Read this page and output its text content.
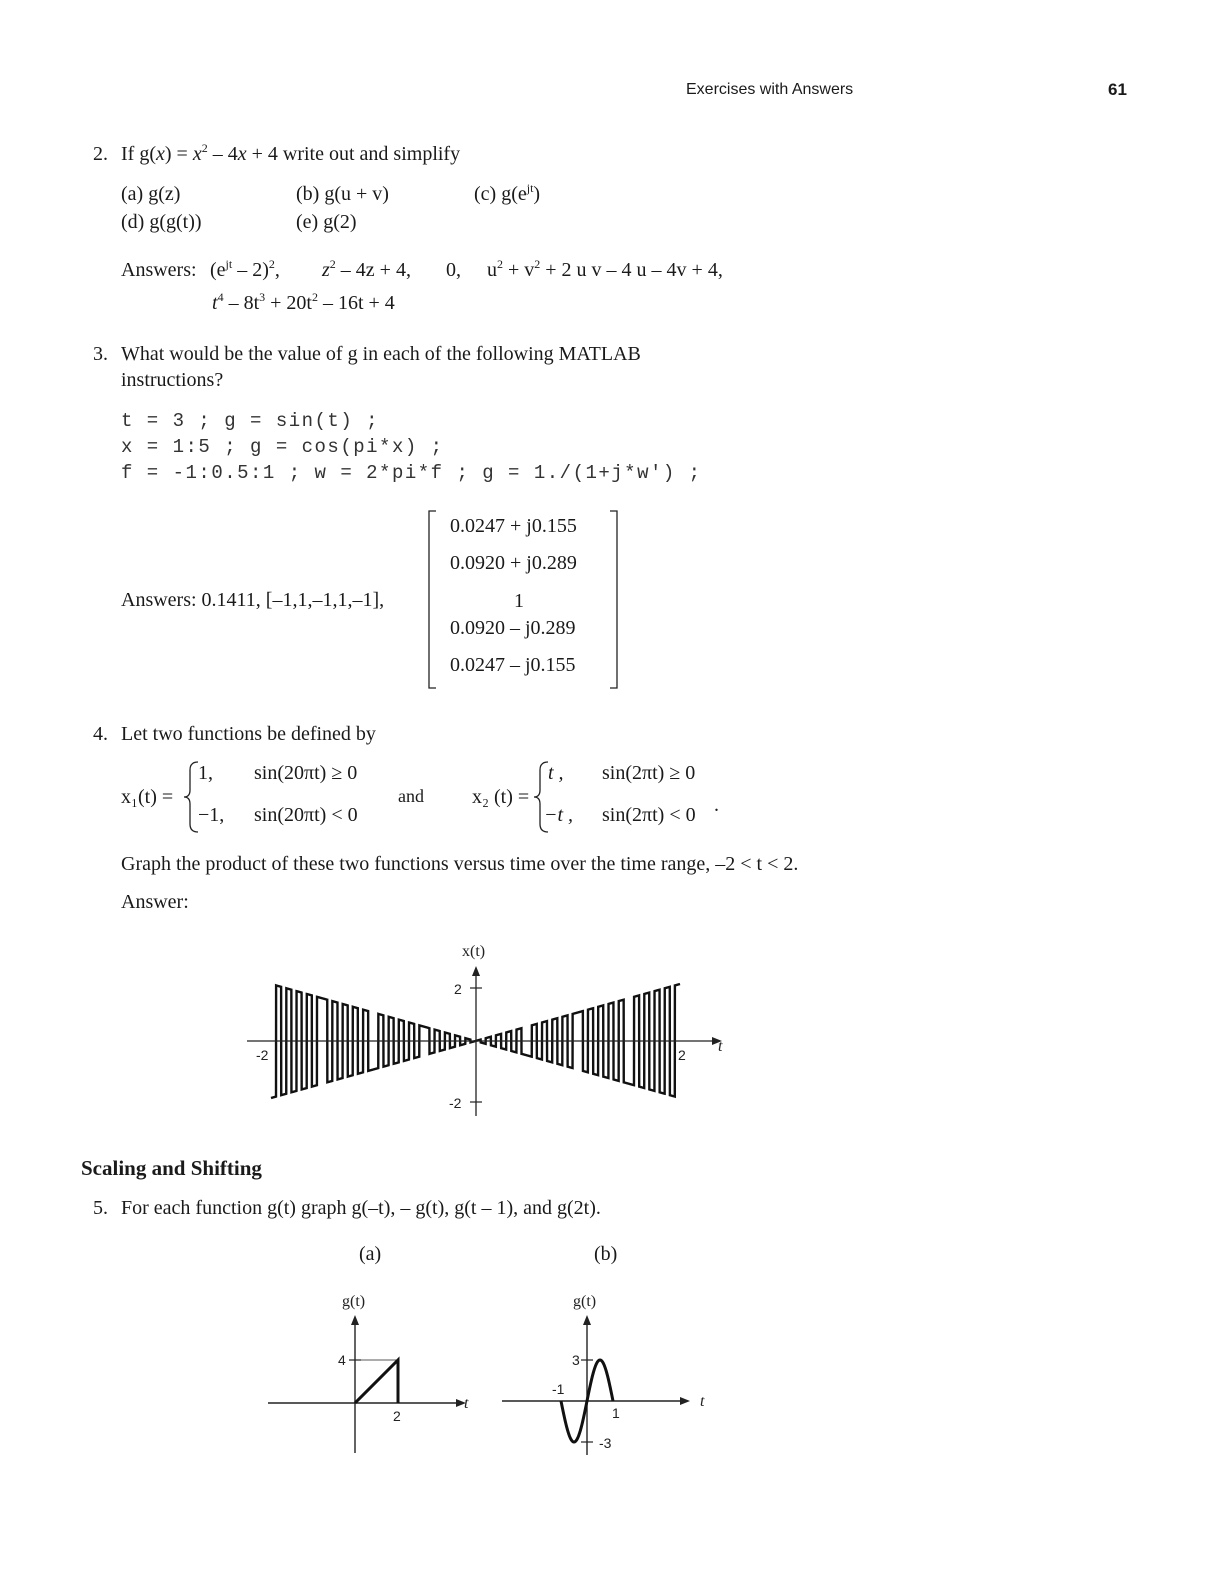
Exercises with Answers	61
2. If $g(x) = x^2 - 4x + 4$ write out and simplify
(a) g(z)	(b) g(u + v)	(c) $g(e^{jt})$
(d) g(g(t))	(e) g(2)
Answers: $(e^{jt} - 2)^2$, $z^2 - 4z + 4$, 0, $u^2 + v^2 + 2$ u v – 4 u – 4v + 4,
$t^4 - 8t^3 + 20t^2 - 16t + 4$
3. What would be the value of g in each of the following MATLAB
instructions?
t = 3 ; g = sin(t) ;
x = 1:5 ; g = cos(pi*x) ;
f = -1:0.5:1 ; w = 2*pi*f ; g = 1./(1+j*w') ;
Answers: 0.1411, [–1,1,–1,1,–1],
0.0247 + j0.155
0.0920 + j0.289
1
0.0920 – j0.289
0.0247 – j0.155
4. Let two functions be defined by
x₁(t) =
1, sin(20πt) ≥ 0
−1, sin(20πt) < 0
and x₂ (t) =
t , sin(2πt) ≥ 0
−t , sin(2πt) < 0 .
Graph the product of these two functions versus time over the time range, –2 < t < 2.
Answer:
x(t)
2
-2
-2	2 t
Scaling and Shifting
5. For each function g(t) graph g(–t), – g(t), g(t – 1), and g(2t).
(a)	(b)
g(t)
4
2
t
g(t)
3
-3
-1
1
t
